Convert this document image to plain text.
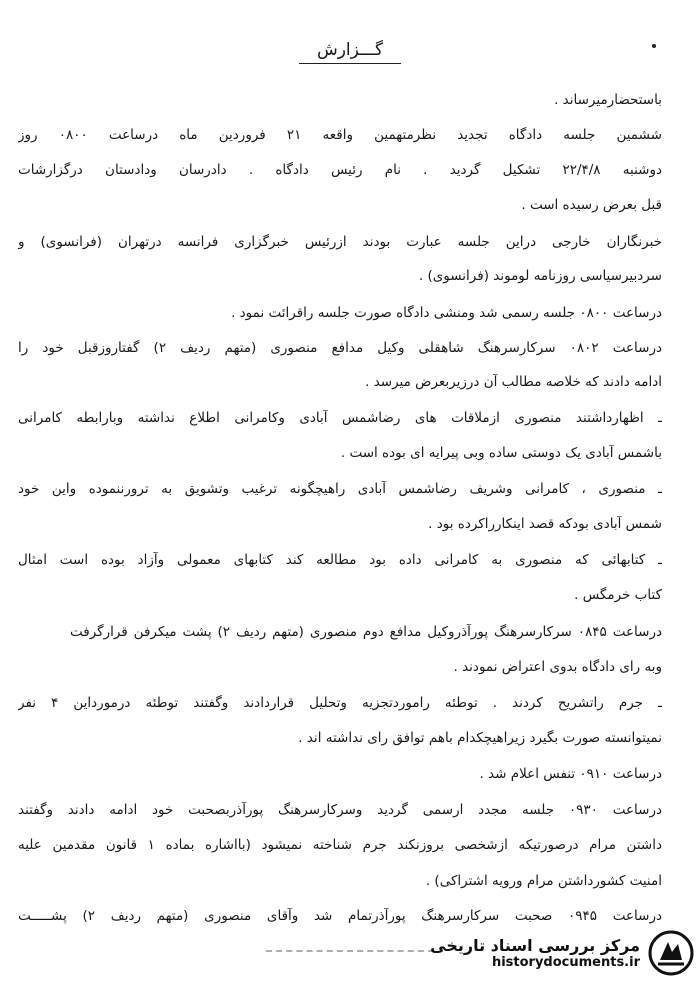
گـــزارش
باستحضارمیرساند .
ششمین جلسه دادگاه تجدید نظرمتهمین واقعه ۲۱ فروردین ماه درساعت ۰۸۰۰ روز
دوشنبه ۲۲/۴/۸ تشکیل گردید . نام رئیس دادگاه . دادرسان ودادستان درگزارشات
قبل بعرض رسیده است .
خبرنگاران خارجی دراین جلسه عبارت بودند ازرئیس خبرگزاری فرانسه درتهران (فرانسوی) و
سردبیرسیاسی روزنامه لوموند (فرانسوی) .
درساعت ۰۸۰۰ جلسه رسمی شد ومنشی دادگاه صورت جلسه راقرائت نمود .
درساعت ۰۸۰۲ سرکارسرهنگ شاهقلی وکیل مدافع منصوری (متهم ردیف ۲) گفتاروزقبل خود را
ادامه دادند که خلاصه مطالب آن درزیربعرض میرسد .
ـ اظهارداشتند منصوری ازملاقات های رضاشمس آبادی وکامرانی اطلاع نداشته وبارابطه کامرانی
باشمس آبادی یک دوستی ساده وبی پیرایه ای بوده است .
ـ منصوری ، کامرانی وشریف رضاشمس آبادی راهیچگونه ترغیب وتشویق به ترورننموده واین خود
شمس آبادی بودکه قصد اینکارراکرده بود .
ـ کتابهائی که منصوری به کامرانی داده بود مطالعه کند کتابهای معمولی وآزاد بوده است امثال
کتاب خرمگس .
درساعت ۰۸۴۵ سرکارسرهنگ پورآذروکیل مدافع دوم منصوری (متهم ردیف ۲) پشت میکرفن قرارگرفت
وبه رای دادگاه بدوی اعتراض نمودند .
ـ جرم راتشریح کردند . توطئه راموردتجزیه وتحلیل قراردادند وگفتند توطئه درمورداین ۴ نفر
نمیتوانسته صورت بگیرد زیراهیچکدام باهم توافق رای نداشته اند .
درساعت ۰۹۱۰ تنفس اعلام شد .
درساعت ۰۹۳۰ جلسه مجدد ارسمی گردید وسرکارسرهنگ پورآذربصحبت خود ادامه دادند وگفتند
داشتن مرام درصورتیکه ازشخصی بروزنکند جرم شناخته نمیشود (بااشاره بماده ۱ قانون مقدمین علیه
امنیت کشورداشتن مرام ورویه اشتراکی) .
درساعت ۰۹۴۵ صحبت سرکارسرهنگ پورآذرتمام شد وآقای منصوری (متهم ردیف ۲) پشـــــت
مرکز بررسی اسناد تاریخی
historydocuments.ir
